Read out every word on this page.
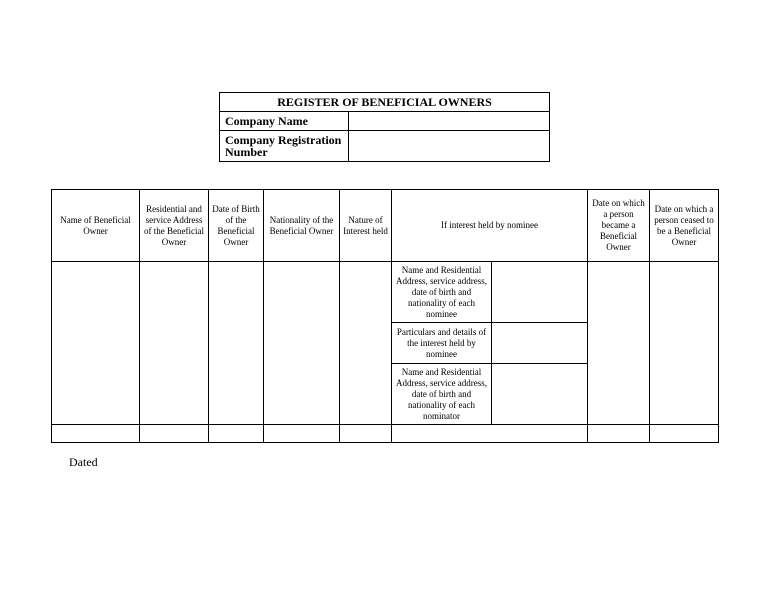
REGISTER OF BENEFICIAL OWNERS	
Company Name	
Company Registration Number	
Name of Beneficial Owner	Residential and service Address of the Beneficial Owner	Date of Birth of the Beneficial Owner	Nationality of the Beneficial Owner	Nature of Interest held	If interest held by nominee		Date on which a person became a Beneficial Owner	Date on which a person ceased to be a Beneficial Owner
					Name and Residential Address, service address, date of birth and nationality of each nominee			
					Particulars and details of the interest held by nominee			
					Name and Residential Address, service address, date of birth and nationality of each nominator			

Dated
